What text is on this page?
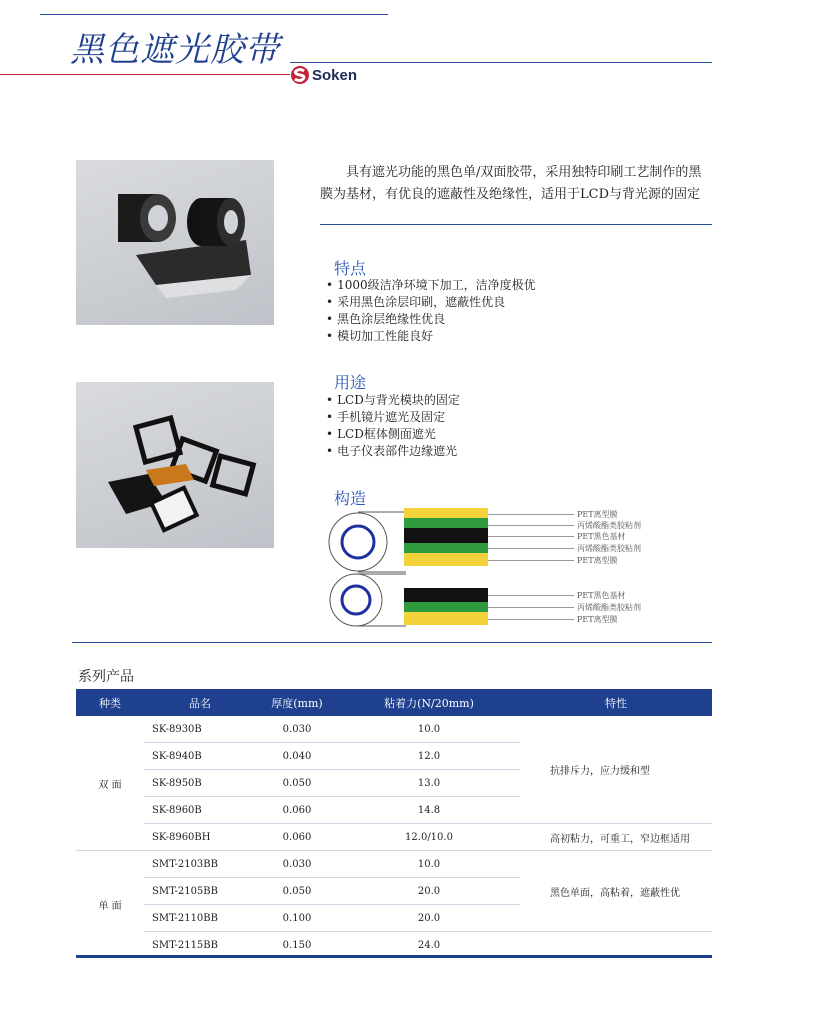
黑色遮光胶带
Soken
具有遮光功能的黑色单/双面胶带，采用独特印刷工艺制作的黑膜为基材，有优良的遮蔽性及绝缘性，适用于LCD与背光源的固定
特点
• 1000级洁净环境下加工，洁净度极优
• 采用黑色涂层印刷，遮蔽性优良
• 黑色涂层绝缘性优良
• 模切加工性能良好
用途
• LCD与背光模块的固定
• 手机镜片遮光及固定
• LCD框体侧面遮光
• 电子仪表部件边缘遮光
构造
PET离型膜
丙烯酸酯类胶粘剂
PET黑色基材
丙烯酸酯类胶粘剂
PET离型膜
PET黑色基材
丙烯酸酯类胶粘剂
PET离型膜
系列产品
种类	品名	厚度(mm)	粘着力(N/20mm)	特性
双 面	SK-8930B	0.030	10.0	抗排斥力，应力缓和型
	SK-8940B	0.040	12.0	
	SK-8950B	0.050	13.0	
	SK-8960B	0.060	14.8	
	SK-8960BH	0.060	12.0/10.0	高初粘力，可重工，窄边框适用
单 面	SMT-2103BB	0.030	10.0	黑色单面，高粘着，遮蔽性优
	SMT-2105BB	0.050	20.0	
	SMT-2110BB	0.100	20.0	
	SMT-2115BB	0.150	24.0	
